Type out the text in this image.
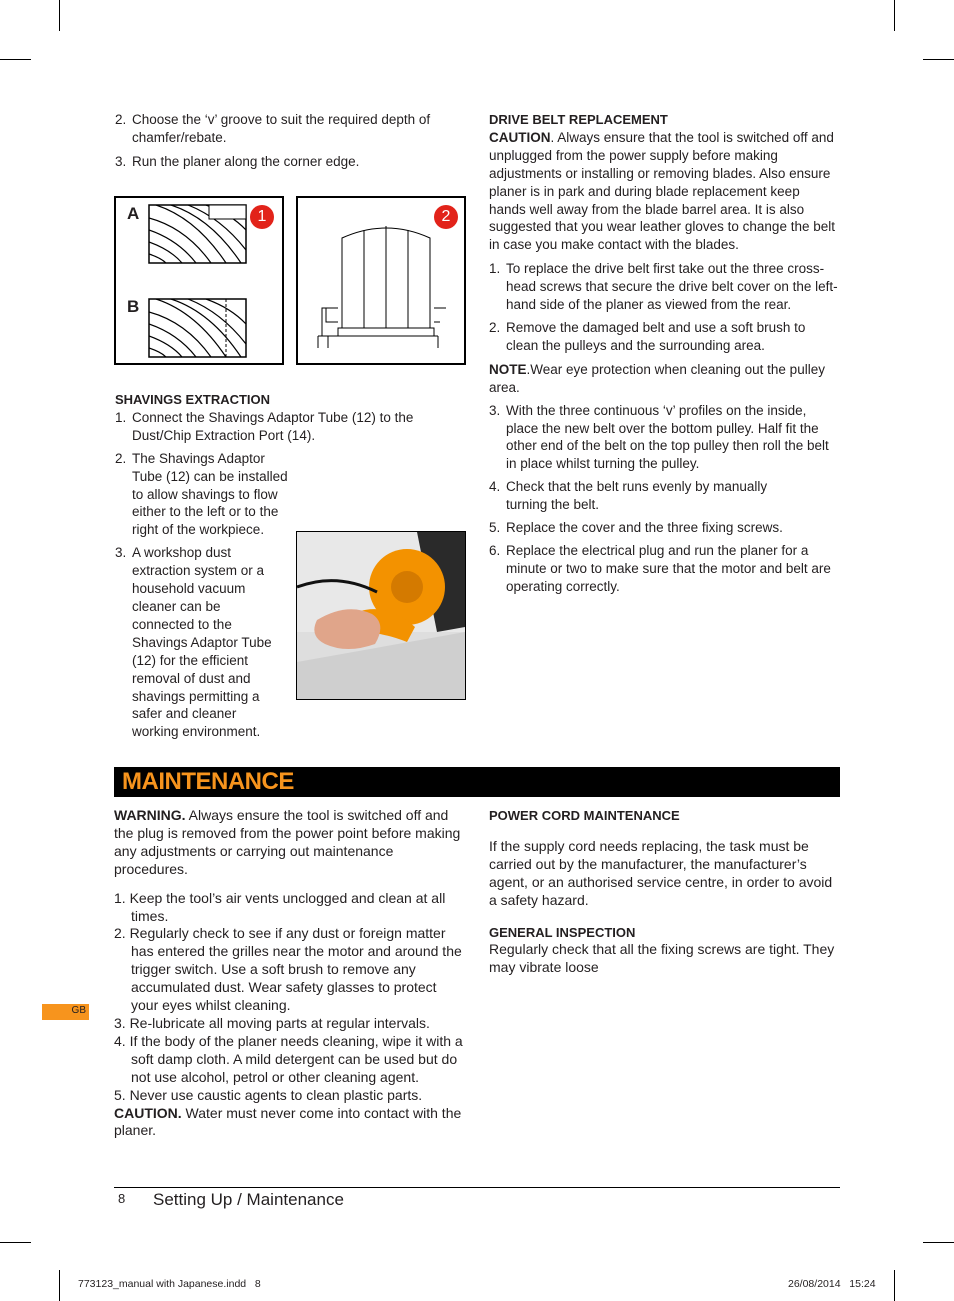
2. Choose the ‘v’ groove to suit the required depth of chamfer/rebate.
3. Run the planer along the corner edge.
A
B
1	2

SHAVINGS EXTRACTION

1. Connect the Shavings Adaptor Tube (12) to the Dust/Chip Extraction Port (14).
2. The Shavings Adaptor Tube (12) can be installed to allow shavings to flow either to the left or to the right of the workpiece.
3. A workshop dust extraction system or a household vacuum cleaner can be connected to the Shavings Adaptor Tube (12) for the efficient removal of dust and shavings permitting a safer and cleaner working environment.

DRIVE BELT REPLACEMENT

CAUTION. Always ensure that the tool is switched off and unplugged from the power supply before making adjustments or installing or removing blades. Also ensure planer is in park and during blade replacement keep hands well away from the blade barrel area. It is also suggested that you wear leather gloves to change the belt in case you make contact with the blades.

1. To replace the drive belt first take out the three cross-head screws that secure the drive belt cover on the left-hand side of the planer as viewed from the rear.
2. Remove the damaged belt and use a soft brush to clean the pulleys and the surrounding area.

NOTE.Wear eye protection when cleaning out the pulley area.

3. With the three continuous ‘v’ profiles on the inside, place the new belt over the bottom pulley. Half fit the other end of the belt on the top pulley then roll the belt in place whilst turning the pulley.
4. Check that the belt runs evenly by manually turning the belt.
5. Replace the cover and the three fixing screws.
6. Replace the electrical plug and run the planer for a minute or two to make sure that the motor and belt are operating correctly.
MAINTENANCE

WARNING. Always ensure the tool is switched off and the plug is removed from the power point before making any adjustments or carrying out maintenance procedures.

1. Keep the tool’s air vents unclogged and clean at all times.

2. Regularly check to see if any dust or foreign matter has entered the grilles near the motor and around the trigger switch. Use a soft brush to remove any accumulated dust. Wear safety glasses to protect your eyes whilst cleaning.

3. Re-lubricate all moving parts at regular intervals.

4. If the body of the planer needs cleaning, wipe it with a soft damp cloth. A mild detergent can be used but do not use alcohol, petrol or other cleaning agent.

5. Never use caustic agents to clean plastic parts.

CAUTION. Water must never come into contact with the planer.

POWER CORD MAINTENANCE

If the supply cord needs replacing, the task must be carried out by the manufacturer, the manufacturer’s agent, or an authorised service centre, in order to avoid a safety hazard.

GENERAL INSPECTION

Regularly check that all the fixing screws are tight. They may vibrate loose

GB
8 Setting Up / Maintenance
773123_manual with Japanese.indd   8	26/08/2014   15:24
